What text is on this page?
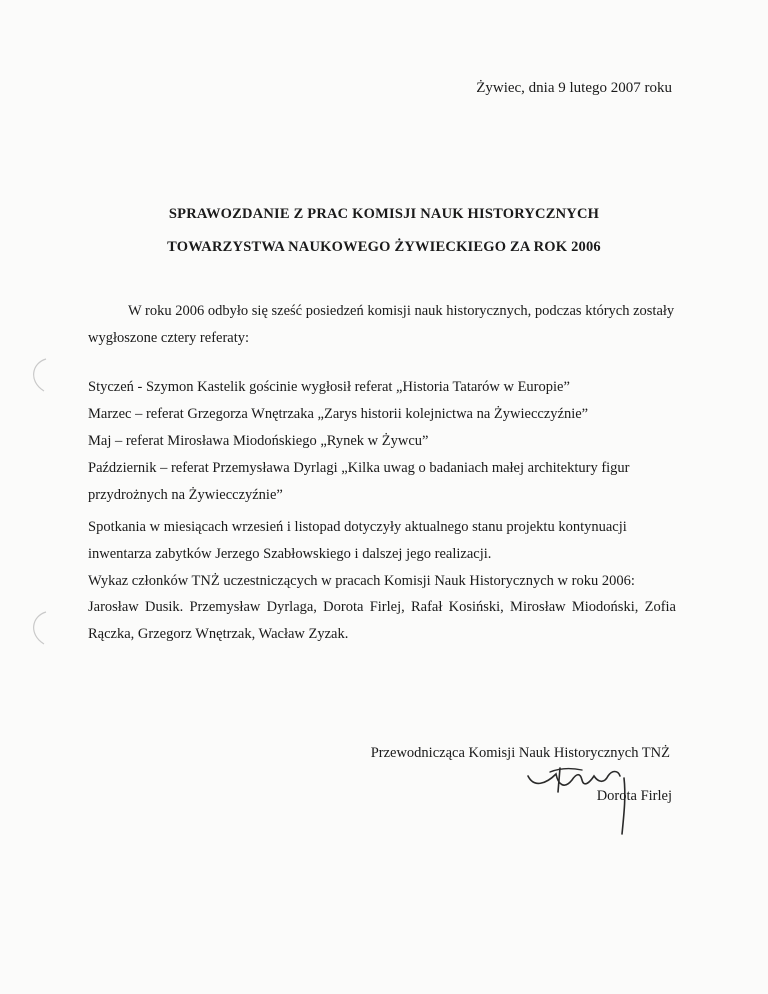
Żywiec, dnia 9 lutego 2007 roku
SPRAWOZDANIE Z PRAC KOMISJI NAUK HISTORYCZNYCH
TOWARZYSTWA NAUKOWEGO ŻYWIECKIEGO ZA ROK 2006
W roku 2006 odbyło się sześć posiedzeń komisji nauk historycznych, podczas których zostały wygłoszone cztery referaty:
Styczeń - Szymon Kastelik gościnie wygłosił referat „Historia Tatarów w Europie”
Marzec – referat Grzegorza Wnętrzaka „Zarys historii kolejnictwa na Żywiecczyźnie”
Maj – referat Mirosława Miodońskiego „Rynek w Żywcu”
Październik – referat Przemysława Dyrlagi „Kilka uwag o badaniach małej architektury figur
przydrożnych na Żywiecczyźnie”
Spotkania w miesiącach wrzesień i listopad dotyczyły aktualnego stanu projektu kontynuacji
inwentarza zabytków Jerzego Szabłowskiego i dalszej jego realizacji.
Wykaz członków TNŻ uczestniczących w pracach Komisji Nauk Historycznych w roku 2006:
Jarosław Dusik. Przemysław Dyrlaga, Dorota Firlej, Rafał Kosiński, Mirosław Miodoński, Zofia Rączka, Grzegorz Wnętrzak, Wacław Zyzak.
Przewodnicząca Komisji Nauk Historycznych TNŻ
Dorota Firlej
